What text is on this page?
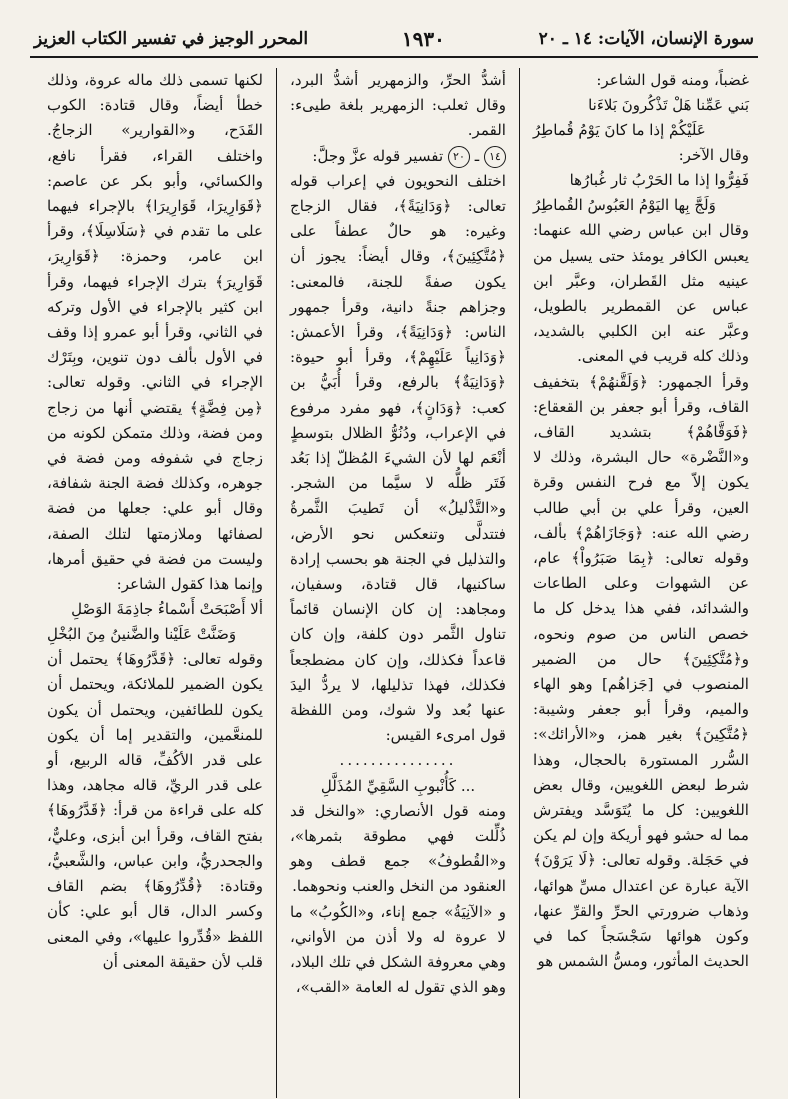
سورة الإنسان، الآيات: ١٤ ـ ٢٠
١٩٣٠
المحرر الوجيز في تفسير الكتاب العزيز

غضباً، ومنه قول الشاعر:

بَني عَمِّنا هَلْ تَذْكُرونَ بَلاءَنا

عَلَيْكُمْ إذا ما كانَ يَوْمُ قُماطِرُ

وقال الآخر:

فَفِرُّوا إذا ما الحَرْبُ ثار غُبارُها

وَلَجَّ بِها اليَوْمُ العَبُوسُ القُماطِرُ

وقال ابن عباس رضي الله عنهما: يعبس الكافر يومئذ حتى يسيل من عينيه مثل القَطران، وعبَّر ابن عباس عن القمطرير بالطويل، وعبَّر عنه ابن الكلبي بالشديد، وذلك كله قريب في المعنى.

وقرأ الجمهور: ﴿وَلَقَّنهُمْ﴾ بتخفيف القاف، وقرأ أبو جعفر بن القعقاع: ﴿فَوَقَّاهُمْ﴾ بتشديد القاف، و«النَّضْرة» حال البشرة، وذلك لا يكون إلاّ مع فرح النفس وقرة العين، وقرأ علي بن أبي طالب رضي الله عنه: ﴿وَجَازَاهُمْ﴾ بألف، وقوله تعالى: ﴿بِمَا صَبَرُواْ﴾ عام، عن الشهوات وعلى الطاعات والشدائد، ففي هذا يدخل كل ما خصص الناس من صوم ونحوه، و﴿مُتَّكِئِينَ﴾ حال من الضمير المنصوب في [جَزاهُم] وهو الهاء والميم، وقرأ أبو جعفر وشيبة: ﴿مُتَّكِينَ﴾ بغير همز، و«الأرائك»: السُّرر المستورة بالحجال، وهذا شرط لبعض اللغويين، وقال بعض اللغويين: كل ما يُتَوَسَّد ويفترش مما له حشو فهو أريكة وإن لم يكن في حَجَلة. وقوله تعالى: ﴿لَا يَرَوْنَ﴾ الآية عبارة عن اعتدال مسِّ هوائها، وذهاب ضرورتي الحرِّ والقرِّ عنها، وكون هوائها سَجْسَجاً كما في الحديث المأثور، ومسُّ الشمس هو

أشدُّ الحرِّ، والزمهرير أشدُّ البرد، وقال ثعلب: الزمهرير بلغة طيىء: القمر.

١٤ ـ ٢٠ تفسير قوله عزَّ وجلَّ:

اختلف النحويون في إعراب قوله تعالى: ﴿وَدَانِيَةً﴾، فقال الزجاج وغيره: هو حالٌ عطفاً على ﴿مُتَّكِئِينَ﴾، وقال أيضاً: يجوز أن يكون صفةً للجنة، فالمعنى: وجزاهم جنةً دانية، وقرأ جمهور الناس: ﴿وَدَانِيَةً﴾، وقرأ الأعمش: ﴿وَدَانِياً عَلَيْهِمْ﴾، وقرأ أبو حيوة: ﴿وَدَانِيَةٌ﴾ بالرفع، وقرأ أُبَيُّ بن كعب: ﴿وَدَانٍ﴾، فهو مفرد مرفوع في الإعراب، ودُنُوُّ الظلال بتوسطٍ أنْعَم لها لأن الشيءَ المُظلّ إذا بَعُد فَتَر ظلُّه لا سيَّما من الشجر. و«التَّذْليلُ» أن تَطيبَ الثَّمرةُ فتتدلَّى وتنعكس نحو الأرض، والتذليل في الجنة هو بحسب إرادة ساكنيها، قال قتادة، وسفيان، ومجاهد: إن كان الإنسان قائماً تناول الثَّمر دون كلفة، وإن كان قاعداً فكذلك، وإن كان مضطجعاً فكذلك، فهذا تذليلها، لا يردُّ اليدَ عنها بُعد ولا شوك، ومن اللفظة قول امرىء القيس:

...............

... كَأُنْبوبِ السَّقِيِّ المُذَلَّلِ

ومنه قول الأنصاري: «والنخل قد ذُلِّلت فهي مطوقة بثمرها»، و«القُطوفُ» جمع قطف وهو العنقود من النخل والعنب ونحوهما.

و «الآنِيَةُ» جمع إناء، و«الكُوبُ» ما لا عروة له ولا أذن من الأواني، وهي معروفة الشكل في تلك البلاد، وهو الذي تقول له العامة «القب»،

لكنها تسمى ذلك ماله عروة، وذلك خطأ أيضاً، وقال قتادة: الكوب القَدَح، و«القوارير» الزجاجُ. واختلف القراء، فقرأ نافع، والكسائي، وأبو بكر عن عاصم: ﴿قَوَارِيرَا، قَوَارِيرَا﴾ بالإجراء فيهما على ما تقدم في ﴿سَلَاسِلَا﴾، وقرأ ابن عامر، وحمزة: ﴿قَوَارِيرَ، قَوَارِيرَ﴾ بترك الإجراء فيهما، وقرأ ابن كثير بالإجراء في الأول وتركه في الثاني، وقرأ أبو عمرو إذا وقف في الأول بألف دون تنوين، وبِتَرْك الإجراء في الثاني. وقوله تعالى: ﴿مِن فِضَّةٍ﴾ يقتضي أنها من زجاج ومن فضة، وذلك متمكن لكونه من زجاج في شفوفه ومن فضة في جوهره، وكذلك فضة الجنة شفافة، وقال أبو علي: جعلها من فضة لصفائها وملازمتها لتلك الصفة، وليست من فضة في حقيق أمرها، وإنما هذا كقول الشاعر:

ألا أَصْبَحَتْ أَسْماءُ جاذِمَةَ الوَصْلِ

وَضَنَّتْ عَلَيْنا والضَّنينُ مِنَ البُخْلِ

وقوله تعالى: ﴿قَدَّرُوهَا﴾ يحتمل أن يكون الضمير للملائكة، ويحتمل أن يكون للطائفين، ويحتمل أن يكون للمنعَّمين، والتقدير إما أن يكون على قدر الأكُفِّ، قاله الربيع، أو على قدر الريِّ، قاله مجاهد، وهذا كله على قراءة من قرأ: ﴿قَدَّرُوهَا﴾ بفتح القاف، وقرأ ابن أبزى، وعليٌّ، والجحدريُّ، وابن عباس، والشَّعبيُّ، وقتادة: ﴿قُدِّرُوهَا﴾ بضم القاف وكسر الدال، قال أبو علي: كأن اللفظ «قُدِّروا عليها»، وفي المعنى قلب لأن حقيقة المعنى أن
